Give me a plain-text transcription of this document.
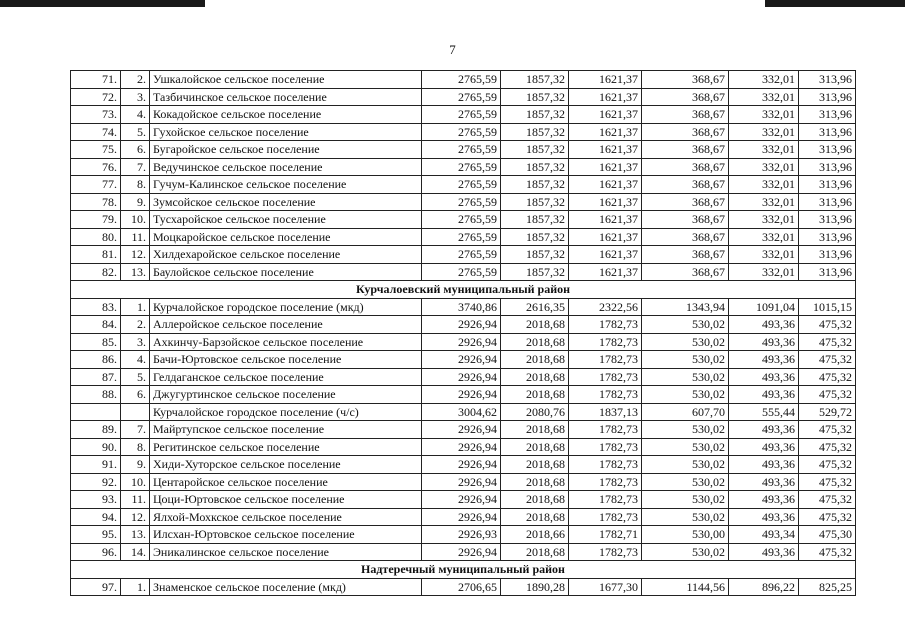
7
71.	2.	Ушкалойское сельское поселение	2765,59	1857,32	1621,37	368,67	332,01	313,96
72.	3.	Тазбичинское сельское поселение	2765,59	1857,32	1621,37	368,67	332,01	313,96
73.	4.	Кокадойское сельское поселение	2765,59	1857,32	1621,37	368,67	332,01	313,96
74.	5.	Гухойское сельское поселение	2765,59	1857,32	1621,37	368,67	332,01	313,96
75.	6.	Бугаройское сельское поселение	2765,59	1857,32	1621,37	368,67	332,01	313,96
76.	7.	Ведучинское сельское поселение	2765,59	1857,32	1621,37	368,67	332,01	313,96
77.	8.	Гучум-Калинское сельское поселение	2765,59	1857,32	1621,37	368,67	332,01	313,96
78.	9.	Зумсойское сельское поселение	2765,59	1857,32	1621,37	368,67	332,01	313,96
79.	10.	Тусхаройское сельское поселение	2765,59	1857,32	1621,37	368,67	332,01	313,96
80.	11.	Моцкаройское сельское поселение	2765,59	1857,32	1621,37	368,67	332,01	313,96
81.	12.	Хилдехаройское сельское поселение	2765,59	1857,32	1621,37	368,67	332,01	313,96
82.	13.	Баулойское сельское поселение	2765,59	1857,32	1621,37	368,67	332,01	313,96
Курчалоевский муниципальный район								
83.	1.	Курчалойское городское поселение (мкд)	3740,86	2616,35	2322,56	1343,94	1091,04	1015,15
84.	2.	Аллеройское сельское поселение	2926,94	2018,68	1782,73	530,02	493,36	475,32
85.	3.	Ахкинчу-Барзойское сельское поселение	2926,94	2018,68	1782,73	530,02	493,36	475,32
86.	4.	Бачи-Юртовское сельское поселение	2926,94	2018,68	1782,73	530,02	493,36	475,32
87.	5.	Гелдаганское сельское поселение	2926,94	2018,68	1782,73	530,02	493,36	475,32
88.	6.	Джугуртинское сельское поселение	2926,94	2018,68	1782,73	530,02	493,36	475,32
		Курчалойское городское поселение (ч/с)	3004,62	2080,76	1837,13	607,70	555,44	529,72
89.	7.	Майртупское сельское поселение	2926,94	2018,68	1782,73	530,02	493,36	475,32
90.	8.	Регитинское сельское поселение	2926,94	2018,68	1782,73	530,02	493,36	475,32
91.	9.	Хиди-Хуторское сельское поселение	2926,94	2018,68	1782,73	530,02	493,36	475,32
92.	10.	Центаройское сельское поселение	2926,94	2018,68	1782,73	530,02	493,36	475,32
93.	11.	Цоци-Юртовское сельское поселение	2926,94	2018,68	1782,73	530,02	493,36	475,32
94.	12.	Ялхой-Мохкское сельское поселение	2926,94	2018,68	1782,73	530,02	493,36	475,32
95.	13.	Илсхан-Юртовское сельское поселение	2926,93	2018,66	1782,71	530,00	493,34	475,30
96.	14.	Эникалинское сельское поселение	2926,94	2018,68	1782,73	530,02	493,36	475,32
Надтеречный муниципальный район								
97.	1.	Знаменское сельское поселение (мкд)	2706,65	1890,28	1677,30	1144,56	896,22	825,25
